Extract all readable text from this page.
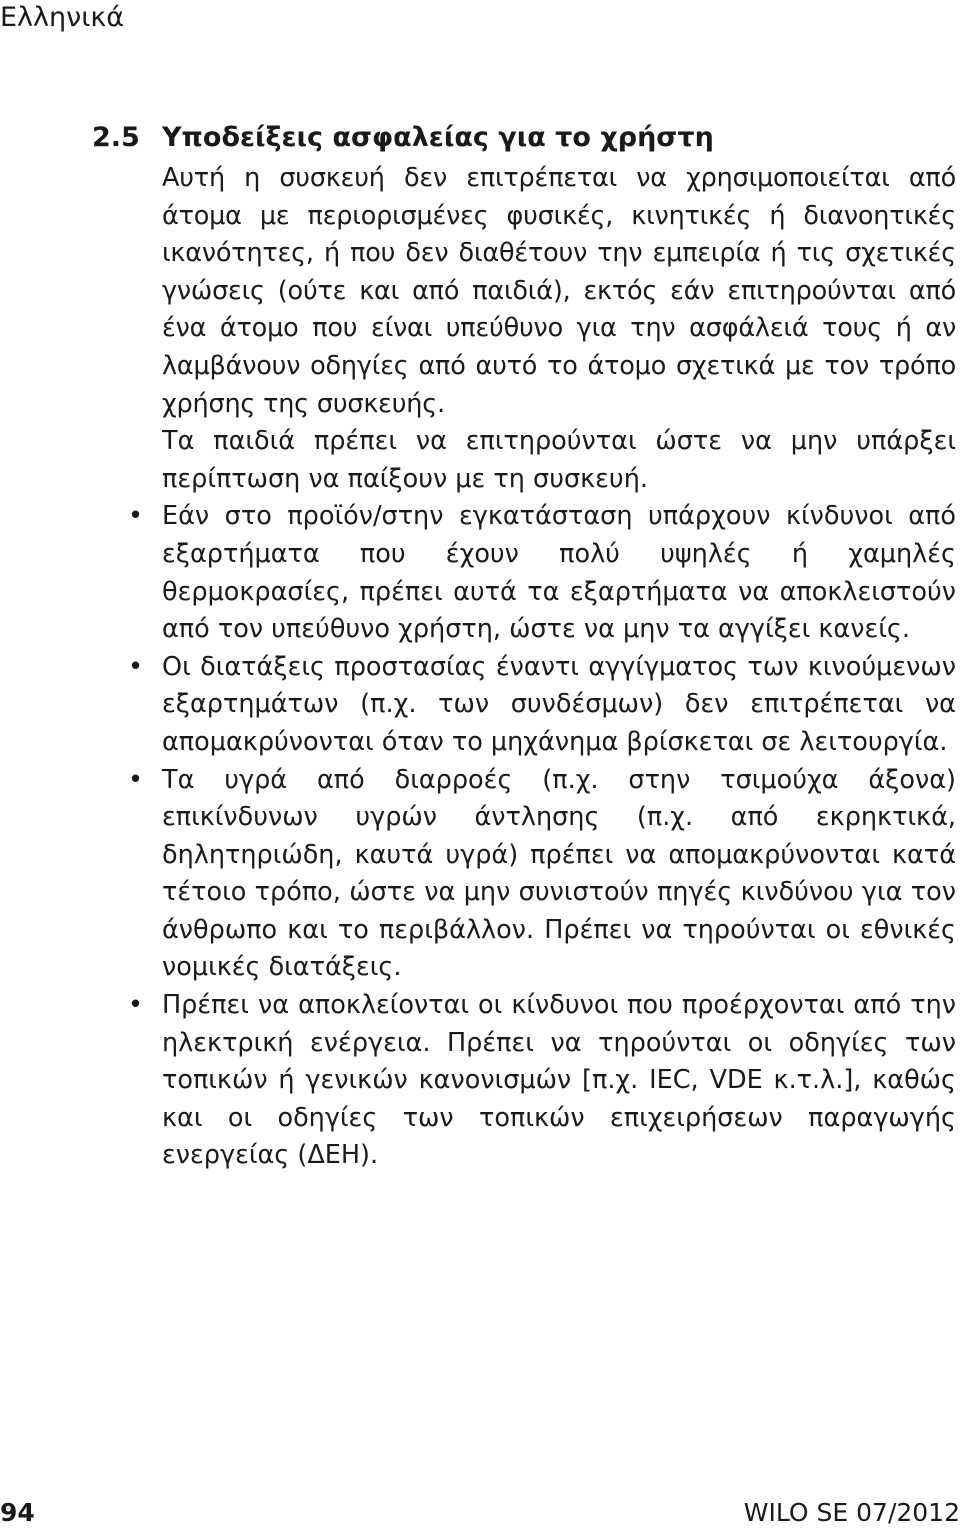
Ελληνικά
2.5 Υποδείξεις ασφαλείας για το χρήστη

Αυτή η συσκευή δεν επιτρέπεται να χρησιμοποιείται από άτομα με περιορισμένες φυσικές, κινητικές ή διανοητικές ικανότητες, ή που δεν διαθέτουν την εμπειρία ή τις σχετικές γνώσεις (ούτε και από παιδιά), εκτός εάν επιτηρούνται από ένα άτομο που είναι υπεύθυνο για την ασφάλειά τους ή αν λαμβάνουν οδηγίες από αυτό το άτομο σχετικά με τον τρόπο χρήσης της συσκευής.

Τα παιδιά πρέπει να επιτηρούνται ώστε να μην υπάρξει περίπτωση να παίξουν με τη συσκευή.

• Εάν στο προϊόν/στην εγκατάσταση υπάρχουν κίνδυνοι από εξαρτήματα που έχουν πολύ υψηλές ή χαμηλές θερμοκρασίες, πρέπει αυτά τα εξαρτήματα να αποκλειστούν από τον υπεύθυνο χρήστη, ώστε να μην τα αγγίξει κανείς.
• Οι διατάξεις προστασίας έναντι αγγίγματος των κινούμενων εξαρτημάτων (π.χ. των συνδέσμων) δεν επιτρέπεται να απομακρύνονται όταν το μηχάνημα βρίσκεται σε λειτουργία.
• Τα υγρά από διαρροές (π.χ. στην τσιμούχα άξονα) επικίνδυνων υγρών άντλησης (π.χ. από εκρηκτικά, δηλητηριώδη, καυτά υγρά) πρέπει να απομακρύνονται κατά τέτοιο τρόπο, ώστε να μην συνιστούν πηγές κινδύνου για τον άνθρωπο και το περιβάλλον. Πρέπει να τηρούνται οι εθνικές νομικές διατάξεις.
• Πρέπει να αποκλείονται οι κίνδυνοι που προέρχονται από την ηλεκτρική ενέργεια. Πρέπει να τηρούνται οι οδηγίες των τοπικών ή γενικών κανονισμών [π.χ. IEC, VDE κ.τ.λ.], καθώς και οι οδηγίες των τοπικών επιχειρήσεων παραγωγής ενεργείας (ΔΕΗ).
94	WILO SE 07/2012
